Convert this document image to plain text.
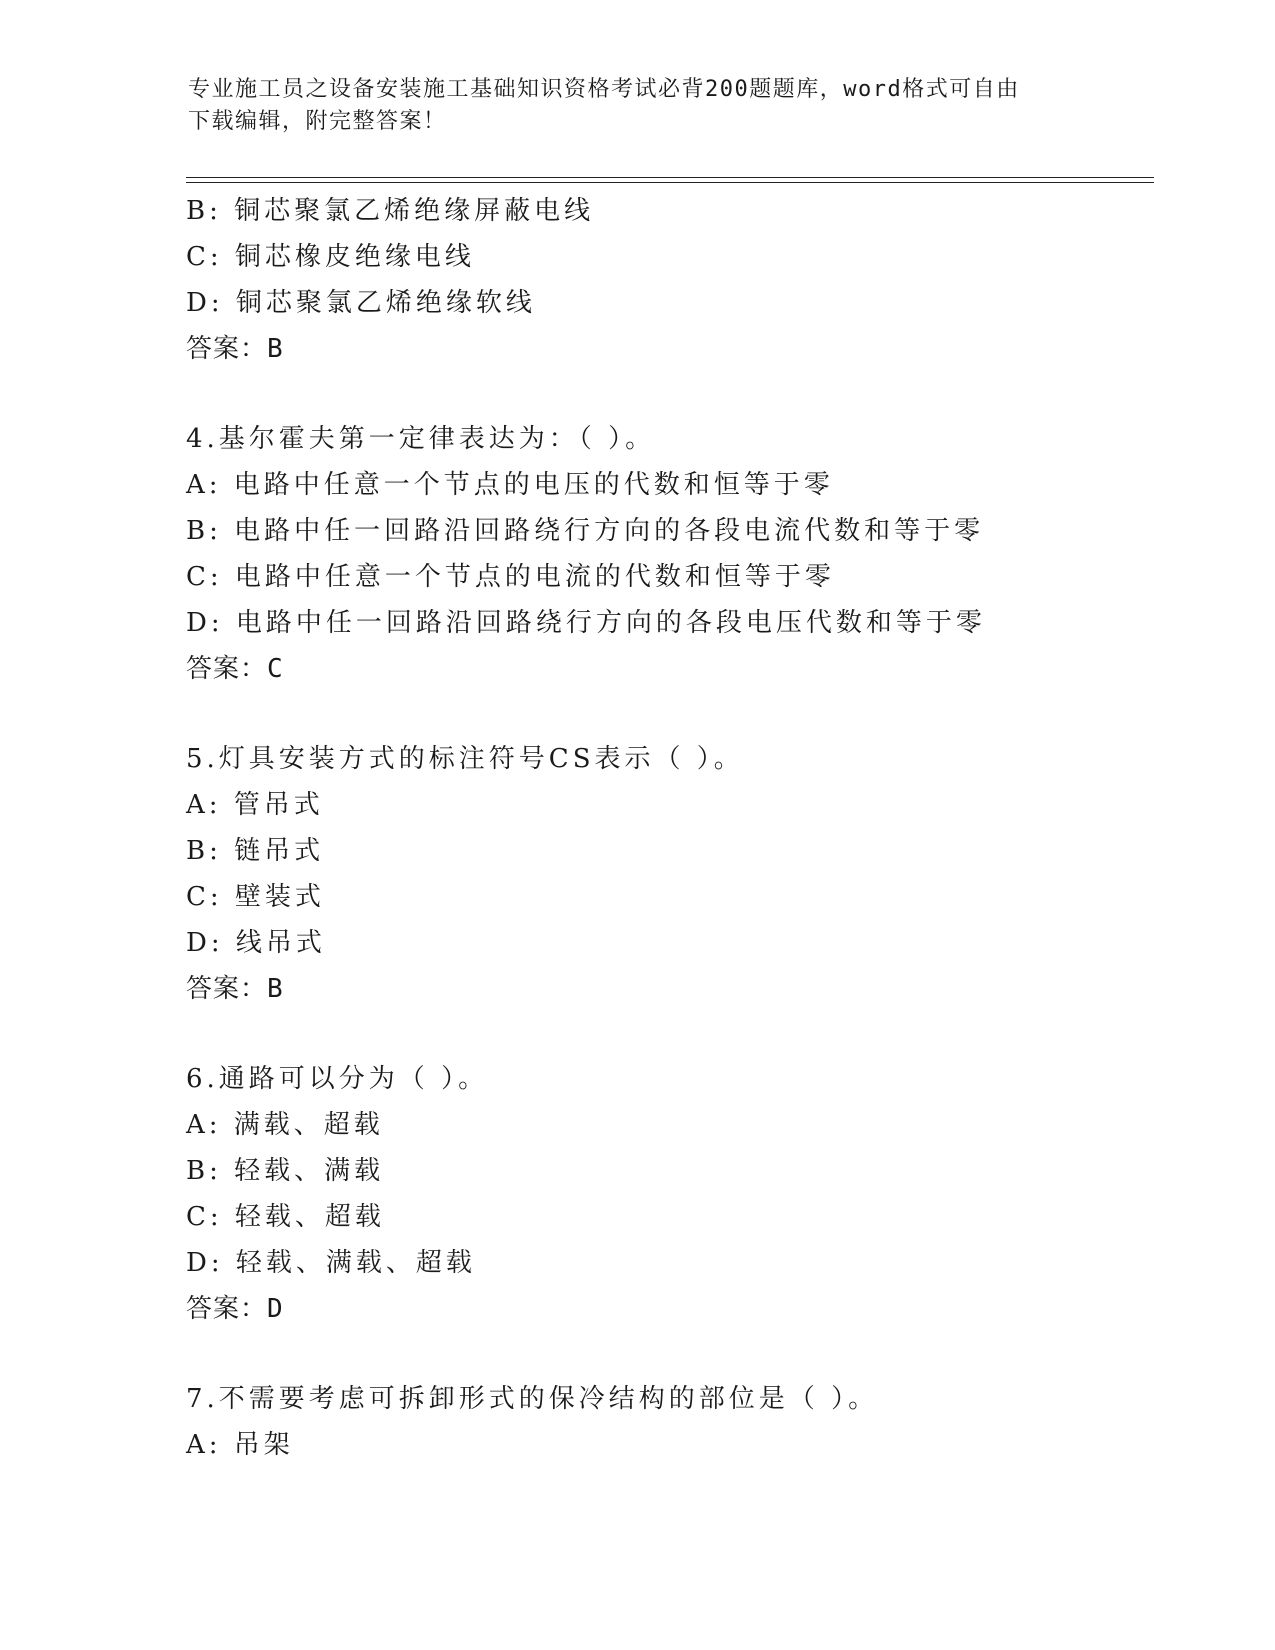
专业施工员之设备安装施工基础知识资格考试必背200题题库，word格式可自由
下载编辑，附完整答案！
B: 铜芯聚氯乙烯绝缘屏蔽电线
C: 铜芯橡皮绝缘电线
D: 铜芯聚氯乙烯绝缘软线
答案：B
4.基尔霍夫第一定律表达为：（ ）。
A: 电路中任意一个节点的电压的代数和恒等于零
B: 电路中任一回路沿回路绕行方向的各段电流代数和等于零
C: 电路中任意一个节点的电流的代数和恒等于零
D: 电路中任一回路沿回路绕行方向的各段电压代数和等于零
答案：C
5.灯具安装方式的标注符号CS表示（ ）。
A: 管吊式
B: 链吊式
C: 壁装式
D: 线吊式
答案：B
6.通路可以分为（ ）。
A: 满载、超载
B: 轻载、满载
C: 轻载、超载
D: 轻载、满载、超载
答案：D
7.不需要考虑可拆卸形式的保冷结构的部位是（ ）。
A: 吊架
